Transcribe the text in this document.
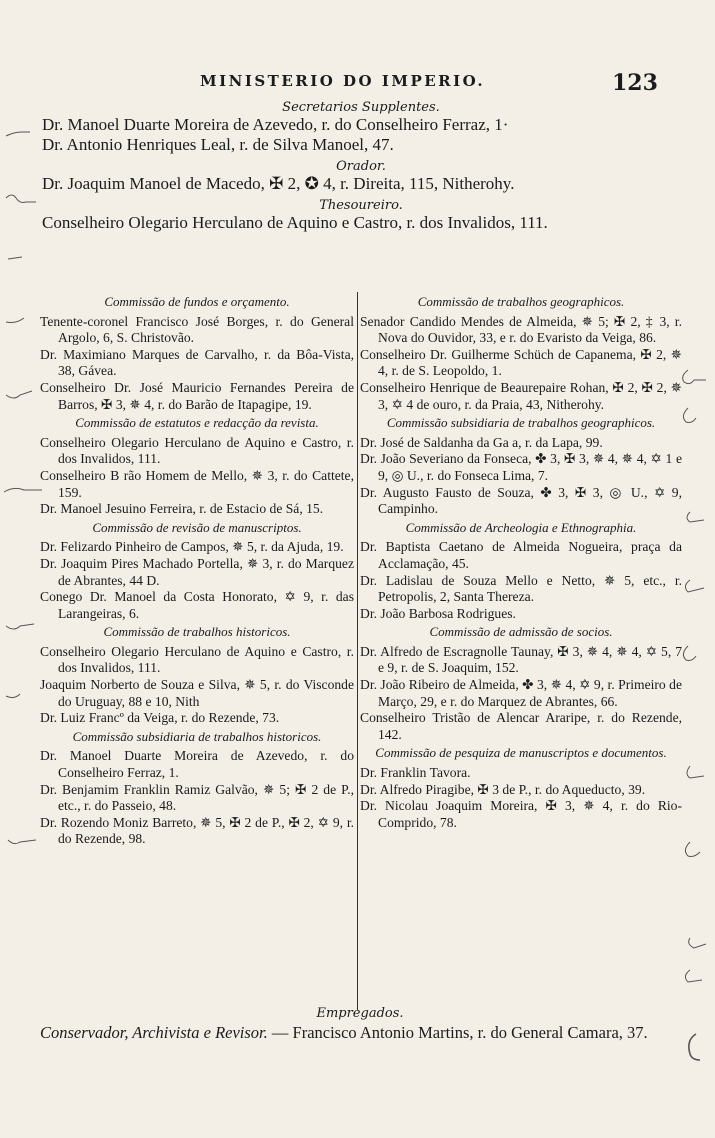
MINISTERIO DO IMPERIO.	123

Secretarios Supplentes.

Dr. Manoel Duarte Moreira de Azevedo, r. do Conselheiro Ferraz, 1·

Dr. Antonio Henriques Leal, r. de Silva Manoel, 47.

Orador.

Dr. Joaquim Manoel de Macedo, ✠ 2, ✪ 4, r. Direita, 115, Nitherohy.

Thesoureiro.

Conselheiro Olegario Herculano de Aquino e Castro, r. dos Invalidos, 111.

Commissão de fundos e orçamento.

Tenente-coronel Francisco José Borges, r. do General Argolo, 6, S. Christovão.

Dr. Maximiano Marques de Carvalho, r. da Bôa-Vista, 38, Gávea.

Conselheiro Dr. José Mauricio Fernandes Pereira de Barros, ✠ 3, ✵ 4, r. do Barão de Itapagipe, 19.

Commissão de estatutos e redacção da revista.

Conselheiro Olegario Herculano de Aquino e Castro, r. dos Invalidos, 111.

Conselheiro B rão Homem de Mello, ✵ 3, r. do Cattete, 159.

Dr. Manoel Jesuino Ferreira, r. de Estacio de Sá, 15.

Commissão de revisão de manuscriptos.

Dr. Felizardo Pinheiro de Campos, ✵ 5, r. da Ajuda, 19.

Dr. Joaquim Pires Machado Portella, ✵ 3, r. do Marquez de Abrantes, 44 D.

Conego Dr. Manoel da Costa Honorato, ✡ 9, r. das Larangeiras, 6.

Commissão de trabalhos historicos.

Conselheiro Olegario Herculano de Aquino e Castro, r. dos Invalidos, 111.

Joaquim Norberto de Souza e Silva, ✵ 5, r. do Visconde do Uruguay, 88 e 10, Nith

Dr. Luiz Francº da Veiga, r. do Rezende, 73.

Commissão subsidiaria de trabalhos historicos.

Dr. Manoel Duarte Moreira de Azevedo, r. do Conselheiro Ferraz, 1.

Dr. Benjamim Franklin Ramiz Galvão, ✵ 5; ✠ 2 de P., etc., r. do Passeio, 48.

Dr. Rozendo Moniz Barreto, ✵ 5, ✠ 2 de P., ✠ 2, ✡ 9, r. do Rezende, 98.

Commissão de trabalhos geographicos.

Senador Candido Mendes de Almeida, ✵ 5; ✠ 2, ‡ 3, r. Nova do Ouvidor, 33, e r. do Evaristo da Veiga, 86.

Conselheiro Dr. Guilherme Schüch de Capanema, ✠ 2, ✵ 4, r. de S. Leopoldo, 1.

Conselheiro Henrique de Beaurepaire Rohan, ✠ 2, ✠ 2, ✵ 3, ✡ 4 de ouro, r. da Praia, 43, Nitherohy.

Commissão subsidiaria de trabalhos geographicos.

Dr. José de Saldanha da Ga a, r. da Lapa, 99.

Dr. João Severiano da Fonseca, ✤ 3, ✠ 3, ✵ 4, ✵ 4, ✡ 1 e 9, ◎ U., r. do Fonseca Lima, 7.

Dr. Augusto Fausto de Souza, ✤ 3, ✠ 3, ◎ U., ✡ 9, Campinho.

Commissão de Archeologia e Ethnographia.

Dr. Baptista Caetano de Almeida Nogueira, praça da Acclamação, 45.

Dr. Ladislau de Souza Mello e Netto, ✵ 5, etc., r. Petropolis, 2, Santa Thereza.

Dr. João Barbosa Rodrigues.

Commissão de admissão de socios.

Dr. Alfredo de Escragnolle Taunay, ✠ 3, ✵ 4, ✵ 4, ✡ 5, 7 e 9, r. de S. Joaquim, 152.

Dr. João Ribeiro de Almeida, ✤ 3, ✵ 4, ✡ 9, r. Primeiro de Março, 29, e r. do Marquez de Abrantes, 66.

Conselheiro Tristão de Alencar Araripe, r. do Rezende, 142.

Commissão de pesquiza de manuscriptos e documentos.

Dr. Franklin Tavora.

Dr. Alfredo Piragibe, ✠ 3 de P., r. do Aqueducto, 39.

Dr. Nicolau Joaquim Moreira, ✠ 3, ✵ 4, r. do Rio-Comprido, 78.

Empregados.

Conservador, Archivista e Revisor. — Francisco Antonio Martins, r. do General Camara, 37.
